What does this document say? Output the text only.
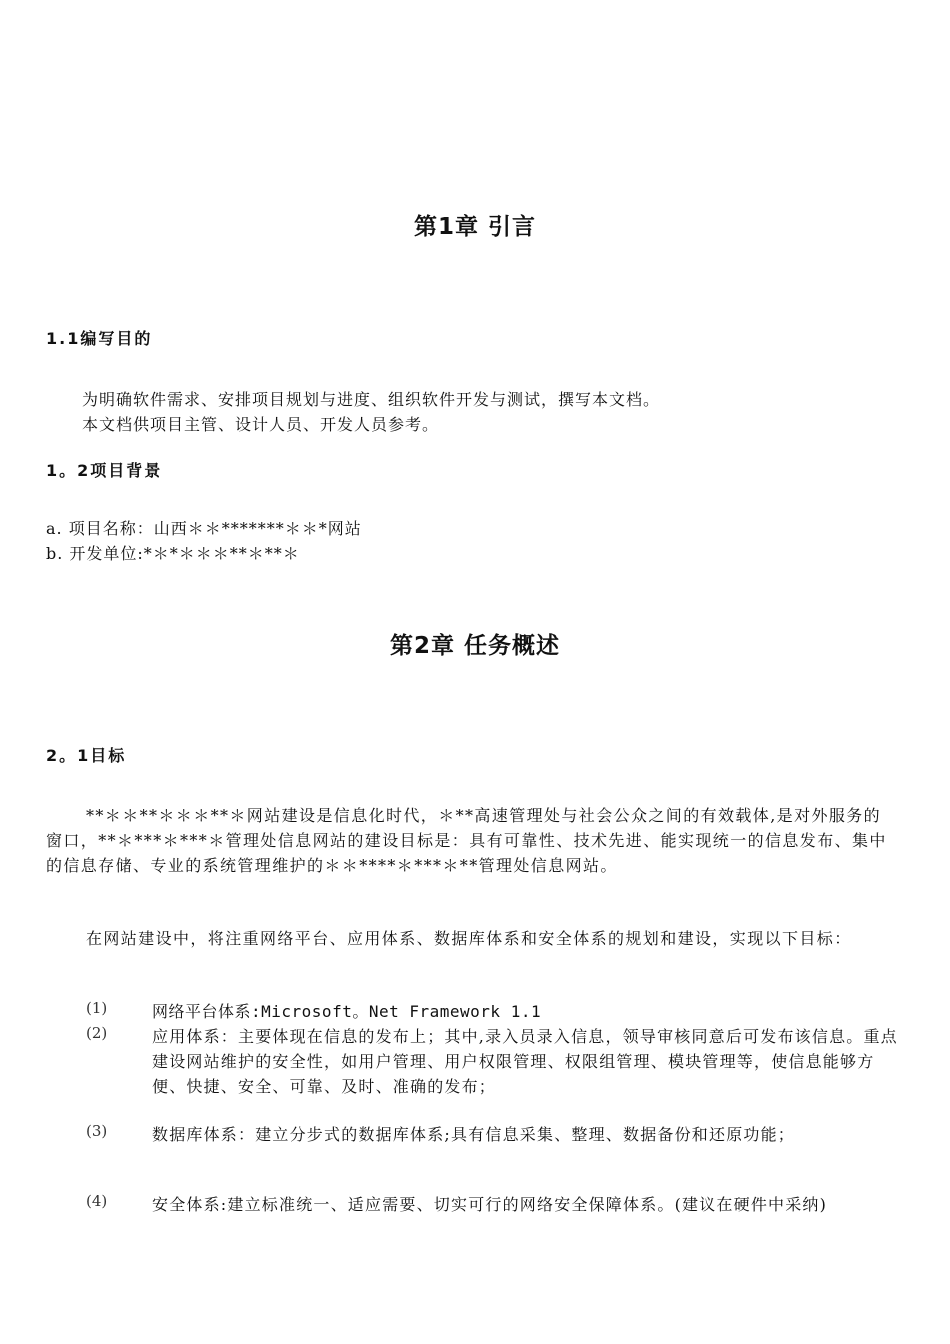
第1章 引言
1.1编写目的

为明确软件需求、安排项目规划与进度、组织软件开发与测试，撰写本文档。

本文档供项目主管、设计人员、开发人员参考。

1。2项目背景

a. 项目名称：山西＊＊*******＊＊*网站

b. 开发单位:*＊*＊＊＊**＊**＊

第2章 任务概述
2。1目标

**＊＊**＊＊＊**＊网站建设是信息化时代，＊**高速管理处与社会公众之间的有效载体,是对外服务的窗口，**＊***＊***＊管理处信息网站的建设目标是：具有可靠性、技术先进、能实现统一的信息发布、集中的信息存储、专业的系统管理维护的＊＊****＊***＊**管理处信息网站。

在网站建设中，将注重网络平台、应用体系、数据库体系和安全体系的规划和建设，实现以下目标：

(1)	网络平台体系:Microsoft。Net Framework 1.1

(2)	应用体系：主要体现在信息的发布上；其中,录入员录入信息，领导审核同意后可发布该信息。重点建设网站维护的安全性，如用户管理、用户权限管理、权限组管理、模块管理等，使信息能够方便、快捷、安全、可靠、及时、准确的发布；

(3)	数据库体系：建立分步式的数据库体系;具有信息采集、整理、数据备份和还原功能；

(4)	安全体系:建立标准统一、适应需要、切实可行的网络安全保障体系。(建议在硬件中采纳)
